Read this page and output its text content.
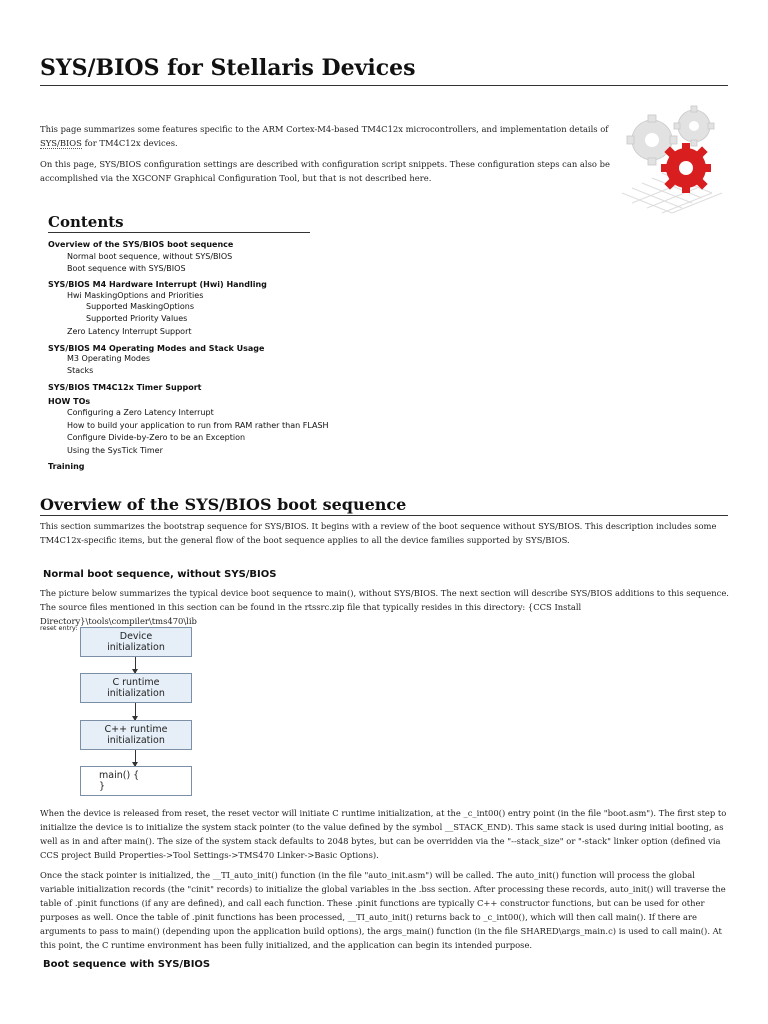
SYS/BIOS for Stellaris Devices
This page summarizes some features specific to the ARM Cortex-M4-based TM4C12x microcontrollers, and implementation details of SYS/BIOS for TM4C12x devices.
On this page, SYS/BIOS configuration settings are described with configuration script snippets. These configuration steps can also be accomplished via the XGCONF Graphical Configuration Tool, but that is not described here.
Contents
Overview of the SYS/BIOS boot sequence
Normal boot sequence, without SYS/BIOS
Boot sequence with SYS/BIOS
SYS/BIOS M4 Hardware Interrupt (Hwi) Handling
Hwi MaskingOptions and Priorities
Supported MaskingOptions
Supported Priority Values
Zero Latency Interrupt Support
SYS/BIOS M4 Operating Modes and Stack Usage
M3 Operating Modes
Stacks
SYS/BIOS TM4C12x Timer Support
HOW TOs
Configuring a Zero Latency Interrupt
How to build your application to run from RAM rather than FLASH
Configure Divide-by-Zero to be an Exception
Using the SysTick Timer
Training
Overview of the SYS/BIOS boot sequence
This section summarizes the bootstrap sequence for SYS/BIOS. It begins with a review of the boot sequence without SYS/BIOS. This description includes some TM4C12x-specific items, but the general flow of the boot sequence applies to all the device families supported by SYS/BIOS.
Normal boot sequence, without SYS/BIOS
The picture below summarizes the typical device boot sequence to main(), without SYS/BIOS. The next section will describe SYS/BIOS additions to this sequence. The source files mentioned in this section can be found in the rtssrc.zip file that typically resides in this directory: {CCS Install Directory}\tools\compiler\tms470\lib
reset entry:
Device
initialization
C runtime
initialization
C++ runtime
initialization
main() {
}
When the device is released from reset, the reset vector will initiate C runtime initialization, at the _c_int00() entry point (in the file "boot.asm"). The first step to initialize the device is to initialize the system stack pointer (to the value defined by the symbol __STACK_END). This same stack is used during initial booting, as well as in and after main(). The size of the system stack defaults to 2048 bytes, but can be overridden via the "--stack_size" or "-stack" linker option (defined via CCS project Build Properties->Tool Settings->TMS470 Linker->Basic Options).
Once the stack pointer is initialized, the __TI_auto_init() function (in the file "auto_init.asm") will be called. The auto_init() function will process the global variable initialization records (the "cinit" records) to initialize the global variables in the .bss section. After processing these records, auto_init() will traverse the table of .pinit functions (if any are defined), and call each function. These .pinit functions are typically C++ constructor functions, but can be used for other purposes as well. Once the table of .pinit functions has been processed, __TI_auto_init() returns back to _c_int00(), which will then call main(). If there are arguments to pass to main() (depending upon the application build options), the args_main() function (in the file SHARED\args_main.c) is used to call main(). At this point, the C runtime environment has been fully initialized, and the application can begin its intended purpose.
Boot sequence with SYS/BIOS
